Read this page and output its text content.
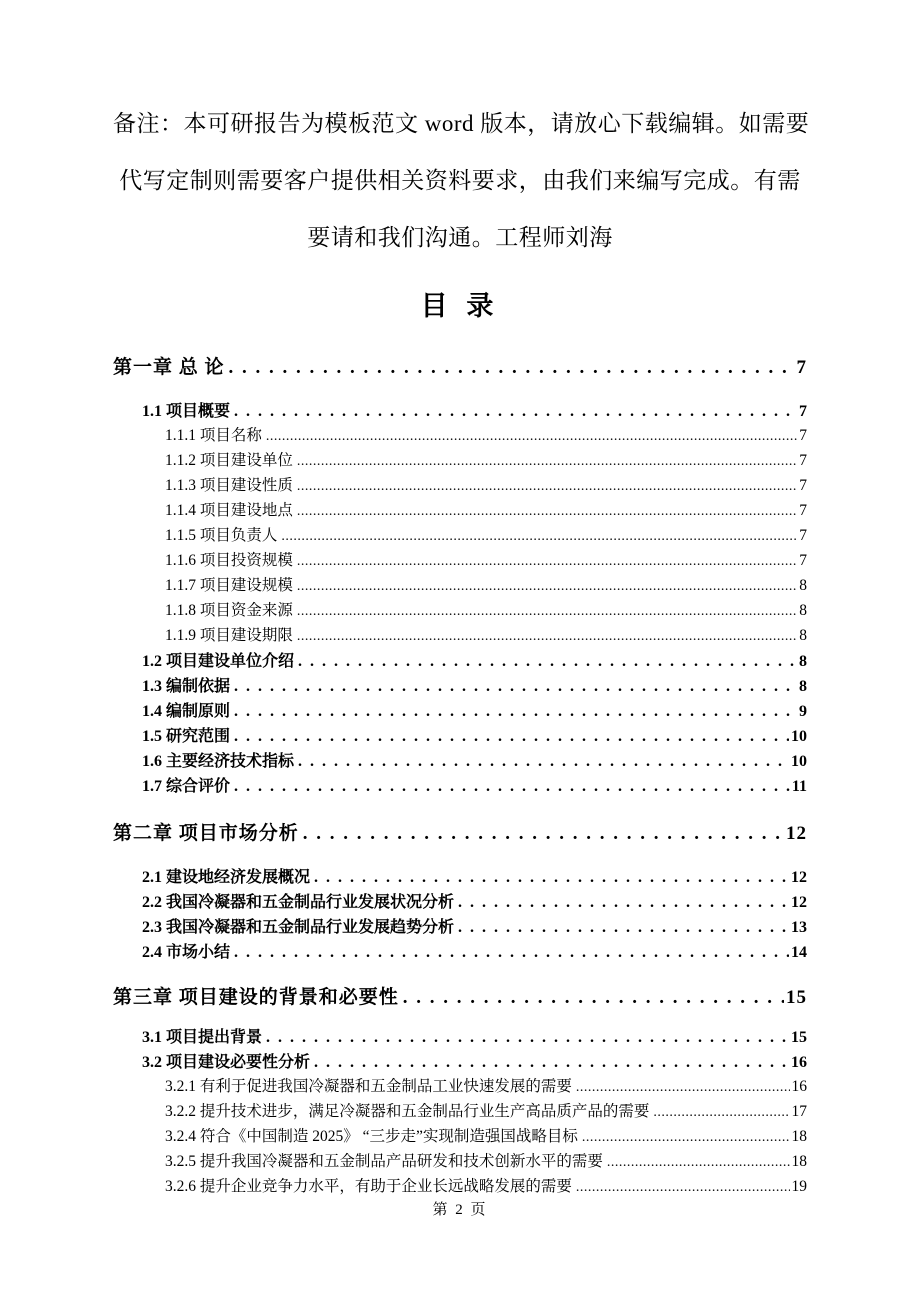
备注：本可研报告为模板范文 word 版本，请放心下载编辑。如需要
代写定制则需要客户提供相关资料要求，由我们来编写完成。有需
要请和我们沟通。工程师刘海
目 录
第一章 总 论 . . .	7
1.1 项目概要 . . .	7
1.1.1 项目名称 .....	7
1.1.2 项目建设单位 .....	7
1.1.3 项目建设性质 .....	7
1.1.4 项目建设地点 .....	7
1.1.5 项目负责人 .....	7
1.1.6 项目投资规模 .....	7
1.1.7 项目建设规模 .....	8
1.1.8 项目资金来源 .....	8
1.1.9 项目建设期限 .....	8
1.2 项目建设单位介绍 . . .	8
1.3 编制依据 . . .	8
1.4 编制原则 . . .	9
1.5 研究范围 . . .	10
1.6 主要经济技术指标 . . .	10
1.7 综合评价 . . .	11
第二章 项目市场分析 . . .	12
2.1 建设地经济发展概况 . . .	12
2.2 我国冷凝器和五金制品行业发展状况分析 . . .	12
2.3 我国冷凝器和五金制品行业发展趋势分析 . . .	13
2.4 市场小结 . . .	14
第三章 项目建设的背景和必要性 . . .	15
3.1 项目提出背景 . . .	15
3.2 项目建设必要性分析 . . .	16
3.2.1 有利于促进我国冷凝器和五金制品工业快速发展的需要 .....	16
3.2.2 提升技术进步，满足冷凝器和五金制品行业生产高品质产品的需要 .....	17
3.2.4 符合《中国制造 2025》 “三步走”实现制造强国战略目标 .....	18
3.2.5 提升我国冷凝器和五金制品产品研发和技术创新水平的需要 .....	18
3.2.6 提升企业竞争力水平，有助于企业长远战略发展的需要 .....	19
第 2 页
